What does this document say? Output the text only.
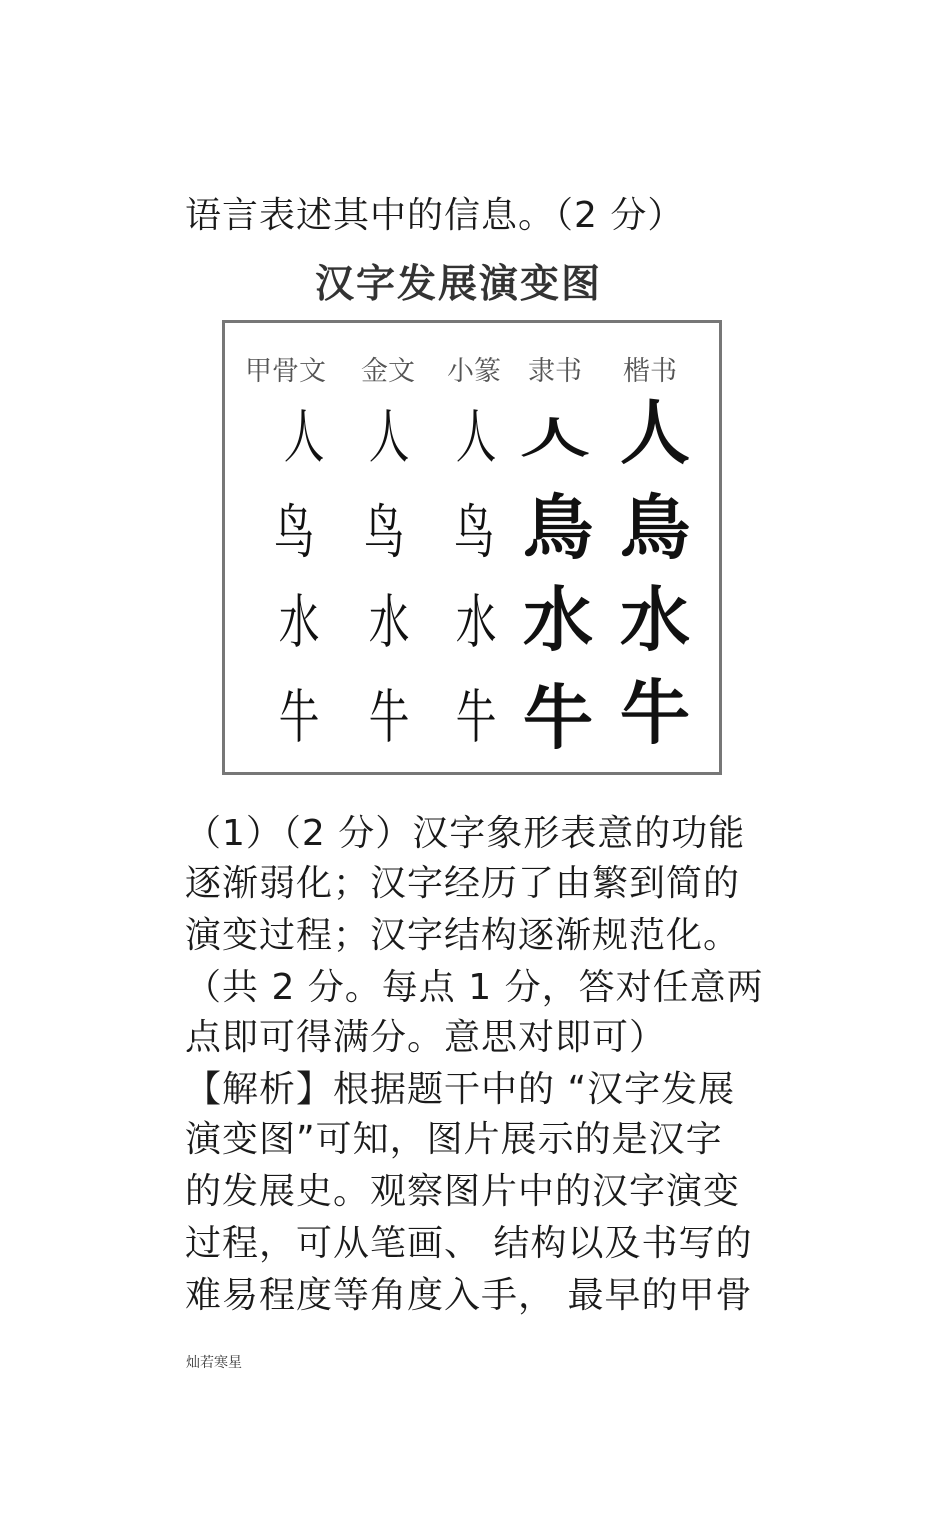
语言表述其中的信息。（2 分）

汉字发展演变图

甲骨文 金文 小篆 隶书 楷书
人 人 人 人 人
鸟 鸟 鸟 鳥 鳥
水 水 水 水 水
牛 牛 牛 牛 牛

（1）（2 分）汉字象形表意的功能

逐渐弱化；汉字经历了由繁到简的

演变过程；汉字结构逐渐规范化。

（共 2 分。每点 1 分，答对任意两

点即可得满分。意思对即可）

【解析】根据题干中的 “汉字发展

演变图”可知，图片展示的是汉字

的发展史。观察图片中的汉字演变

过程，可从笔画、 结构以及书写的

难易程度等角度入手， 最早的甲骨

灿若寒星
